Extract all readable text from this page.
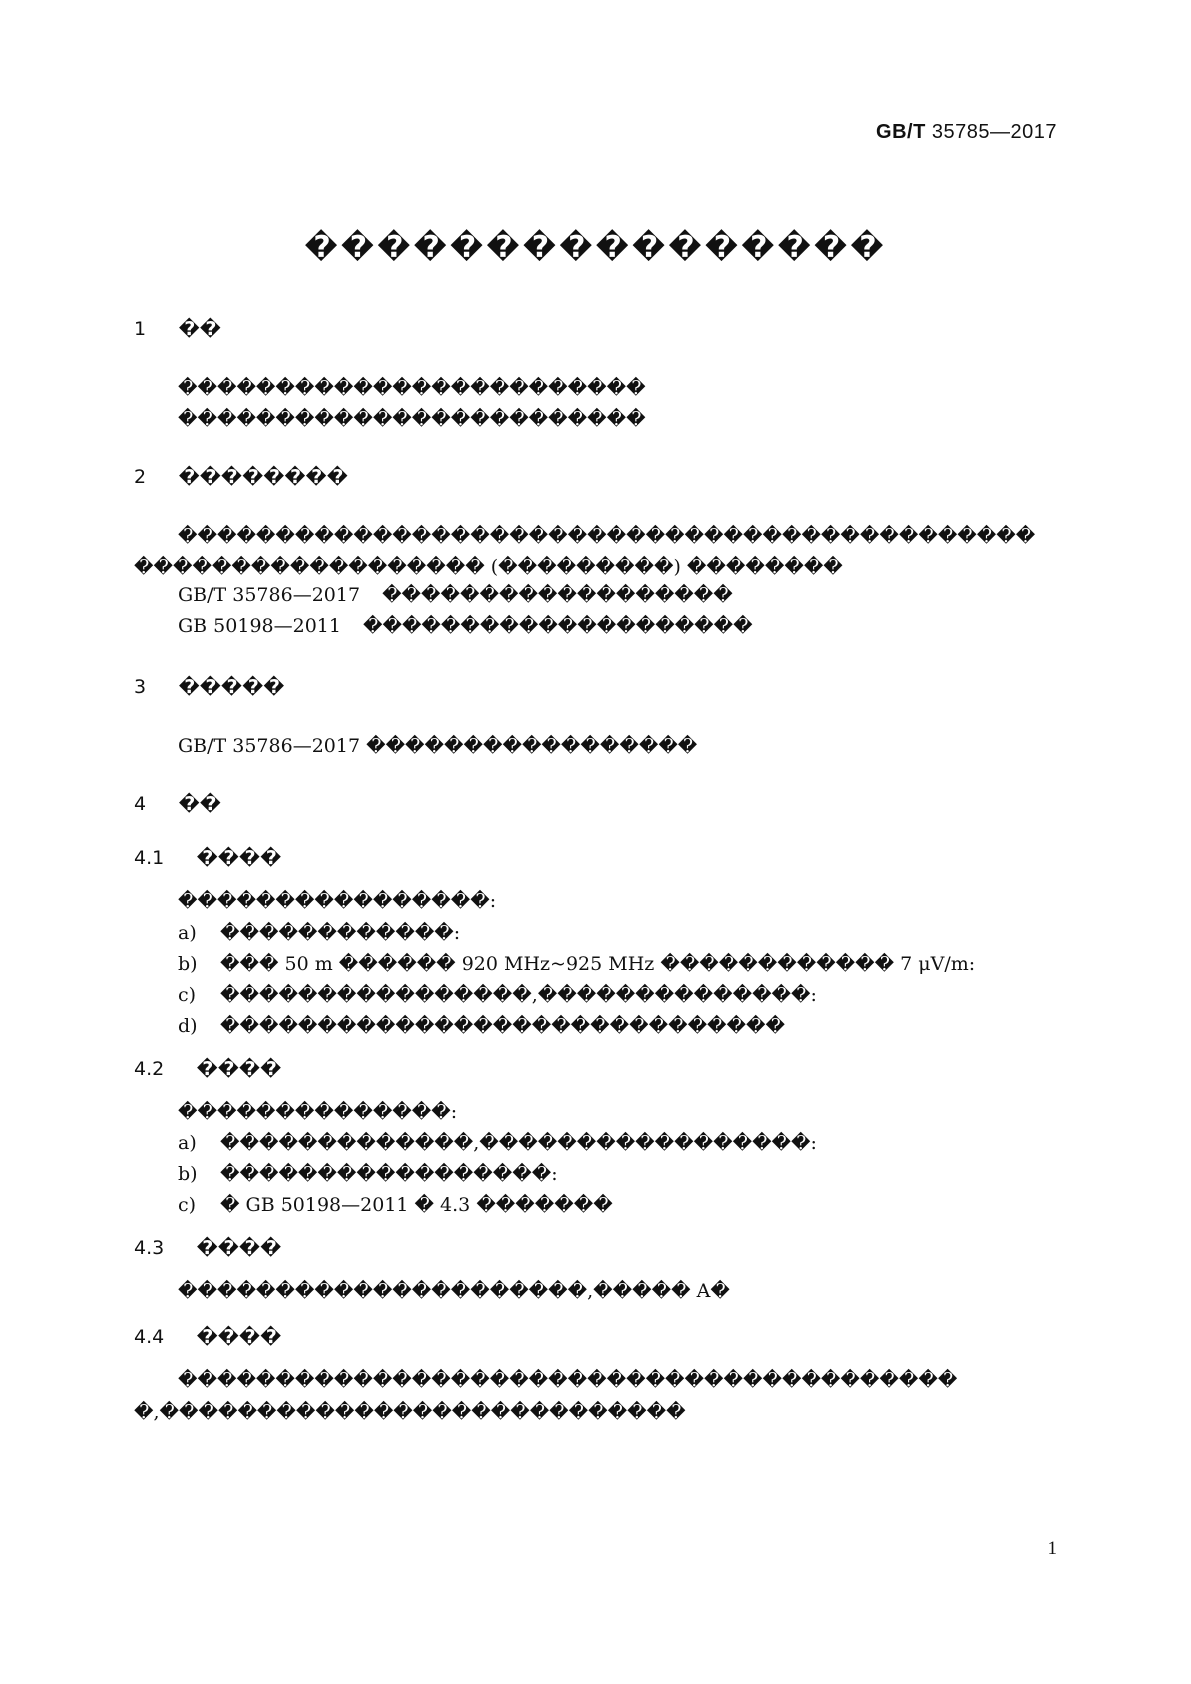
GB/T 35785—2017
����������������
1 ��
������������������������
������������������������
2 ��������
��������������������������������������������
������������������ (���������) ��������
GB/T 35786—2017 ������������������
GB 50198—2011 ��������������������
3 �����
GB/T 35786—2017 �����������������
4 ��
4.1 ����
����������������:
a) ������������:
b) ��� 50 m ������ 920 MHz~925 MHz ������������ 7 μV/m:
c) ����������������,��������������:
d) �����������������������������
4.2 ����
��������������:
a) �������������,�����������������:
b) �����������������:
c) � GB 50198—2011 � 4.3 �������
4.3 ����
���������������������,����� A�
4.4 ����
����������������������������������������
�,���������������������������
1
